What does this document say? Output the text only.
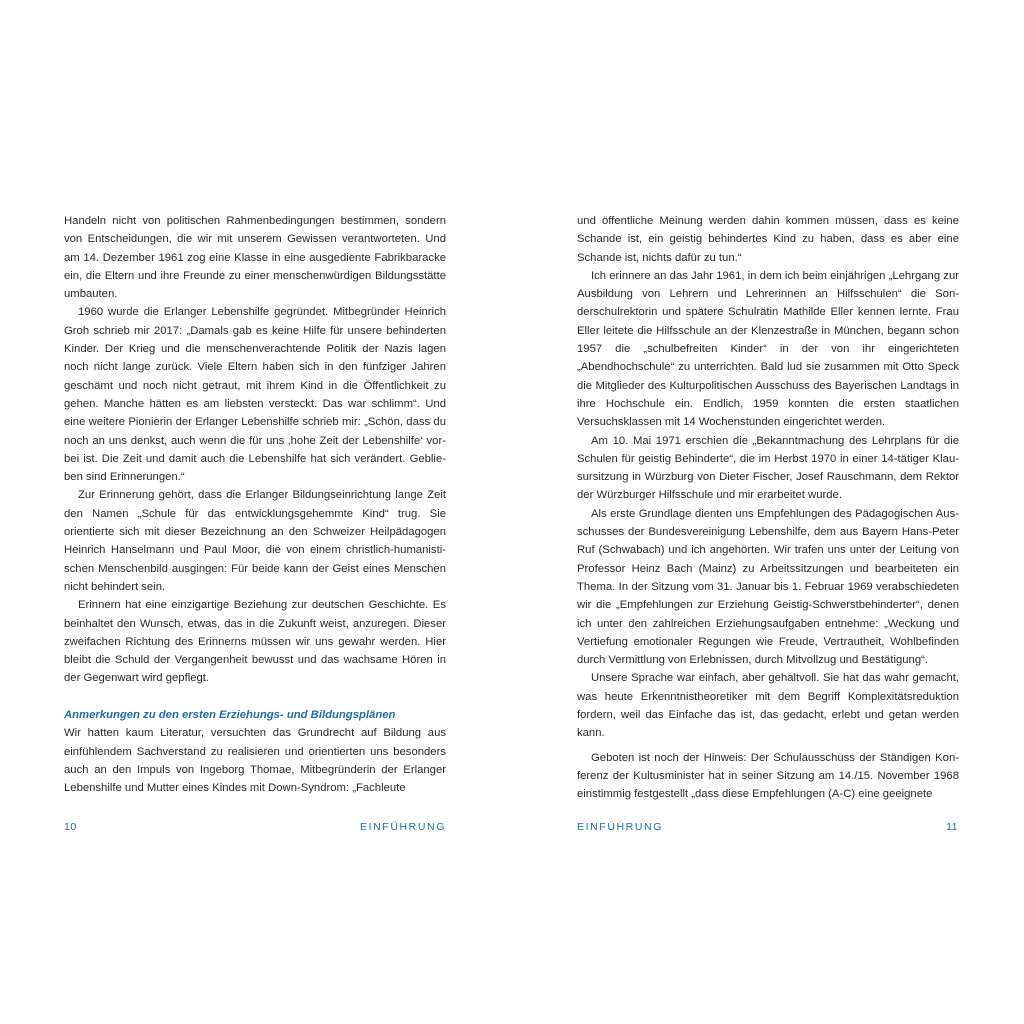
Handeln nicht von politischen Rahmenbedingungen bestimmen, sondern von Entscheidungen, die wir mit unserem Gewissen verantworteten. Und am 14. Dezember 1961 zog eine Klasse in eine ausgediente Fabrikbaracke ein, die Eltern und ihre Freunde zu einer menschenwürdigen Bildungsstätte umbauten.

1960 wurde die Erlanger Lebenshilfe gegründet. Mitbegründer Heinrich Groh schrieb mir 2017: „Damals gab es keine Hilfe für unsere behinderten Kinder. Der Krieg und die menschenverachtende Politik der Nazis lagen noch nicht lange zurück. Viele Eltern haben sich in den fünfziger Jahren geschämt und noch nicht getraut, mit ihrem Kind in die Öffentlichkeit zu gehen. Manche hätten es am liebsten versteckt. Das war schlimm“. Und eine weitere Pionierin der Erlanger Lebenshilfe schrieb mir: „Schön, dass du noch an uns denkst, auch wenn die für uns ‚hohe Zeit der Lebenshilfe‘ vorbei ist. Die Zeit und damit auch die Lebenshilfe hat sich verändert. Geblieben sind Erinnerungen.“

Zur Erinnerung gehört, dass die Erlanger Bildungseinrichtung lange Zeit den Namen „Schule für das entwicklungsgehemmte Kind“ trug. Sie orientierte sich mit dieser Bezeichnung an den Schweizer Heilpädagogen Heinrich Hanselmann und Paul Moor, die von einem christlich-humanistischen Menschenbild ausgingen: Für beide kann der Geist eines Menschen nicht behindert sein.

Erinnern hat eine einzigartige Beziehung zur deutschen Geschichte. Es beinhaltet den Wunsch, etwas, das in die Zukunft weist, anzuregen. Dieser zweifachen Richtung des Erinnerns müssen wir uns gewahr werden. Hier bleibt die Schuld der Vergangenheit bewusst und das wachsame Hören in der Gegenwart wird gepflegt.

Anmerkungen zu den ersten Erziehungs- und Bildungsplänen

Wir hatten kaum Literatur, versuchten das Grundrecht auf Bildung aus einfühlendem Sachverstand zu realisieren und orientierten uns besonders auch an den Impuls von Ingeborg Thomae, Mitbegründerin der Erlanger Lebenshilfe und Mutter eines Kindes mit Down-Syndrom: „Fachleute

und öffentliche Meinung werden dahin kommen müssen, dass es keine Schande ist, ein geistig behindertes Kind zu haben, dass es aber eine Schande ist, nichts dafür zu tun.“

Ich erinnere an das Jahr 1961, in dem ich beim einjährigen „Lehrgang zur Ausbildung von Lehrern und Lehrerinnen an Hilfsschulen“ die Sonderschulrektorin und spätere Schulrätin Mathilde Eller kennen lernte. Frau Eller leitete die Hilfsschule an der Klenzestraße in München, begann schon 1957 die „schulbefreiten Kinder“ in der von ihr eingerichteten „Abendhochschule“ zu unterrichten. Bald lud sie zusammen mit Otto Speck die Mitglieder des Kulturpolitischen Ausschuss des Bayerischen Landtags in ihre Hochschule ein. Endlich, 1959 konnten die ersten staatlichen Versuchsklassen mit 14 Wochenstunden eingerichtet werden.

Am 10. Mai 1971 erschien die „Bekanntmachung des Lehrplans für die Schulen für geistig Behinderte“, die im Herbst 1970 in einer 14-tätiger Klausursitzung in Würzburg von Dieter Fischer, Josef Rauschmann, dem Rektor der Würzburger Hilfsschule und mir erarbeitet wurde.

Als erste Grundlage dienten uns Empfehlungen des Pädagogischen Ausschusses der Bundesvereinigung Lebenshilfe, dem aus Bayern Hans-Peter Ruf (Schwabach) und ich angehörten. Wir trafen uns unter der Leitung von Professor Heinz Bach (Mainz) zu Arbeitssitzungen und bearbeiteten ein Thema. In der Sitzung vom 31. Januar bis 1. Februar 1969 verabschiedeten wir die „Empfehlungen zur Erziehung Geistig-Schwerstbehinderter“, denen ich unter den zahlreichen Erziehungsaufgaben entnehme: „Weckung und Vertiefung emotionaler Regungen wie Freude, Vertrautheit, Wohlbefinden durch Vermittlung von Erlebnissen, durch Mitvollzug und Bestätigung“.

Unsere Sprache war einfach, aber gehaltvoll. Sie hat das wahr gemacht, was heute Erkenntnistheoretiker mit dem Begriff Komplexitätsreduktion fordern, weil das Einfache das ist, das gedacht, erlebt und getan werden kann.

Geboten ist noch der Hinweis: Der Schulausschuss der Ständigen Konferenz der Kultusminister hat in seiner Sitzung am 14./15. November 1968 einstimmig festgestellt „dass diese Empfehlungen (A-C) eine geeignete

10	EINFÜHRUNG	EINFÜHRUNG	11
